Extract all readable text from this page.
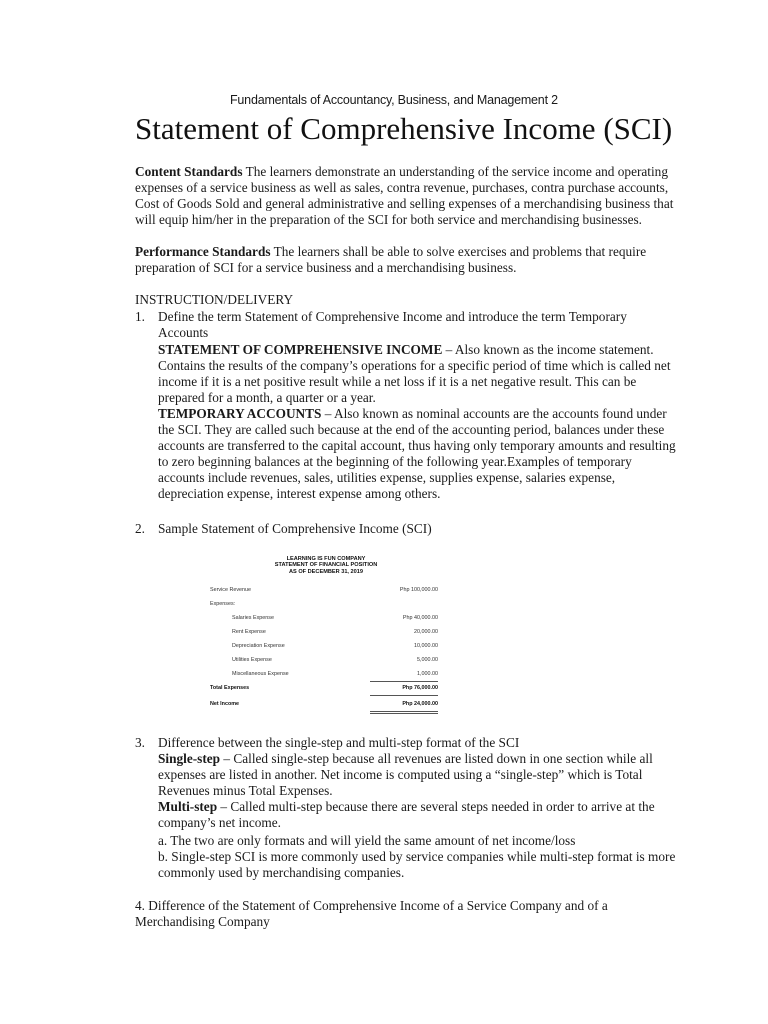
Fundamentals of Accountancy, Business, and Management 2
Statement of Comprehensive Income (SCI)

Content Standards The learners demonstrate an understanding of the service income and operating expenses of a service business as well as sales, contra revenue, purchases, contra purchase accounts, Cost of Goods Sold and general administrative and selling expenses of a merchandising business that will equip him/her in the preparation of the SCI for both service and merchandising businesses.

Performance Standards The learners shall be able to solve exercises and problems that require preparation of SCI for a service business and a merchandising business.

INSTRUCTION/DELIVERY
1. Define the term Statement of Comprehensive Income and introduce the term Temporary Accounts

STATEMENT OF COMPREHENSIVE INCOME – Also known as the income statement. Contains the results of the company’s operations for a specific period of time which is called net income if it is a net positive result while a net loss if it is a net negative result. This can be prepared for a month, a quarter or a year.

TEMPORARY ACCOUNTS – Also known as nominal accounts are the accounts found under the SCI. They are called such because at the end of the accounting period, balances under these accounts are transferred to the capital account, thus having only temporary amounts and resulting to zero beginning balances at the beginning of the following year.Examples of temporary accounts include revenues, sales, utilities expense, supplies expense, salaries expense, depreciation expense, interest expense among others.

2. Sample Statement of Comprehensive Income (SCI)

LEARNING IS FUN COMPANY
STATEMENT OF FINANCIAL POSITION
AS OF DECEMBER 31, 2019
Service Revenue	Php 100,000.00
Expenses:
Salaries Expense	Php 40,000.00
Rent Expense	20,000.00
Depreciation Expense	10,000.00
Utilities Expense	5,000.00
Miscellaneous Expense	1,000.00
Total Expenses	Php 76,000.00
Net Income	Php 24,000.00
3. Difference between the single-step and multi-step format of the SCI

Single-step – Called single-step because all revenues are listed down in one section while all expenses are listed in another. Net income is computed using a “single-step” which is Total Revenues minus Total Expenses.

Multi-step – Called multi-step because there are several steps needed in order to arrive at the company’s net income.

a. The two are only formats and will yield the same amount of net income/loss

b. Single-step SCI is more commonly used by service companies while multi-step format is more commonly used by merchandising companies.

4. Difference of the Statement of Comprehensive Income of a Service Company and of a Merchandising Company
